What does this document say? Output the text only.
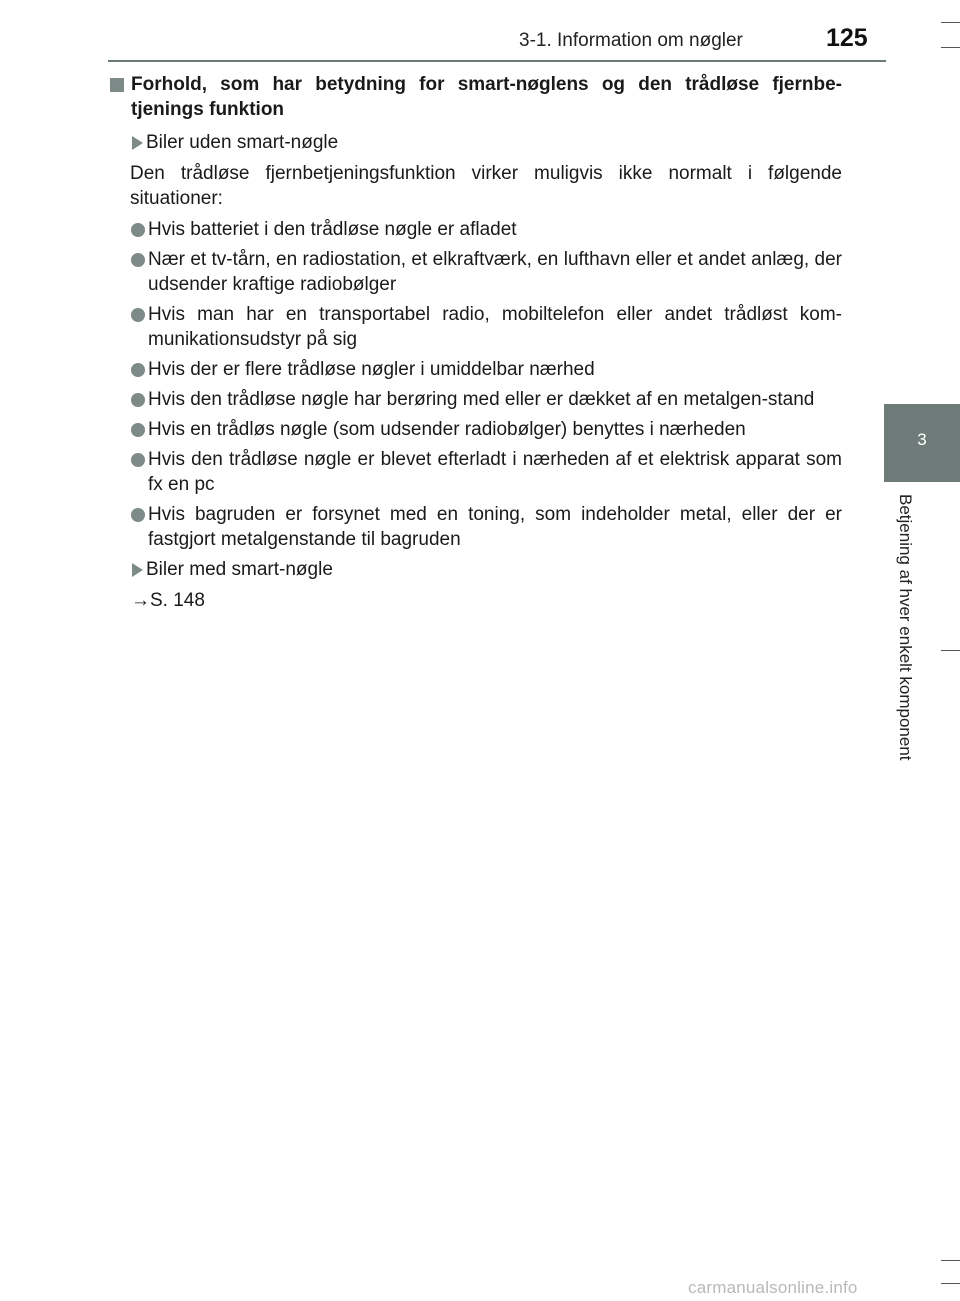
3-1. Information om nøgler	125
3
Betjening af hver enkelt komponent
Forhold, som har betydning for smart-nøglens og den trådløse fjernbe-tjenings funktion
Biler uden smart-nøgle
Den trådløse fjernbetjeningsfunktion virker muligvis ikke normalt i følgende situationer:
Hvis batteriet i den trådløse nøgle er afladet
Nær et tv-tårn, en radiostation, et elkraftværk, en lufthavn eller et andet anlæg, der udsender kraftige radiobølger
Hvis man har en transportabel radio, mobiltelefon eller andet trådløst kom-munikationsudstyr på sig
Hvis der er flere trådløse nøgler i umiddelbar nærhed
Hvis den trådløse nøgle har berøring med eller er dækket af en metalgen-stand
Hvis en trådløs nøgle (som udsender radiobølger) benyttes i nærheden
Hvis den trådløse nøgle er blevet efterladt i nærheden af et elektrisk apparat som fx en pc
Hvis bagruden er forsynet med en toning, som indeholder metal, eller der er fastgjort metalgenstande til bagruden
Biler med smart-nøgle
→S. 148
carmanualsonline.info
